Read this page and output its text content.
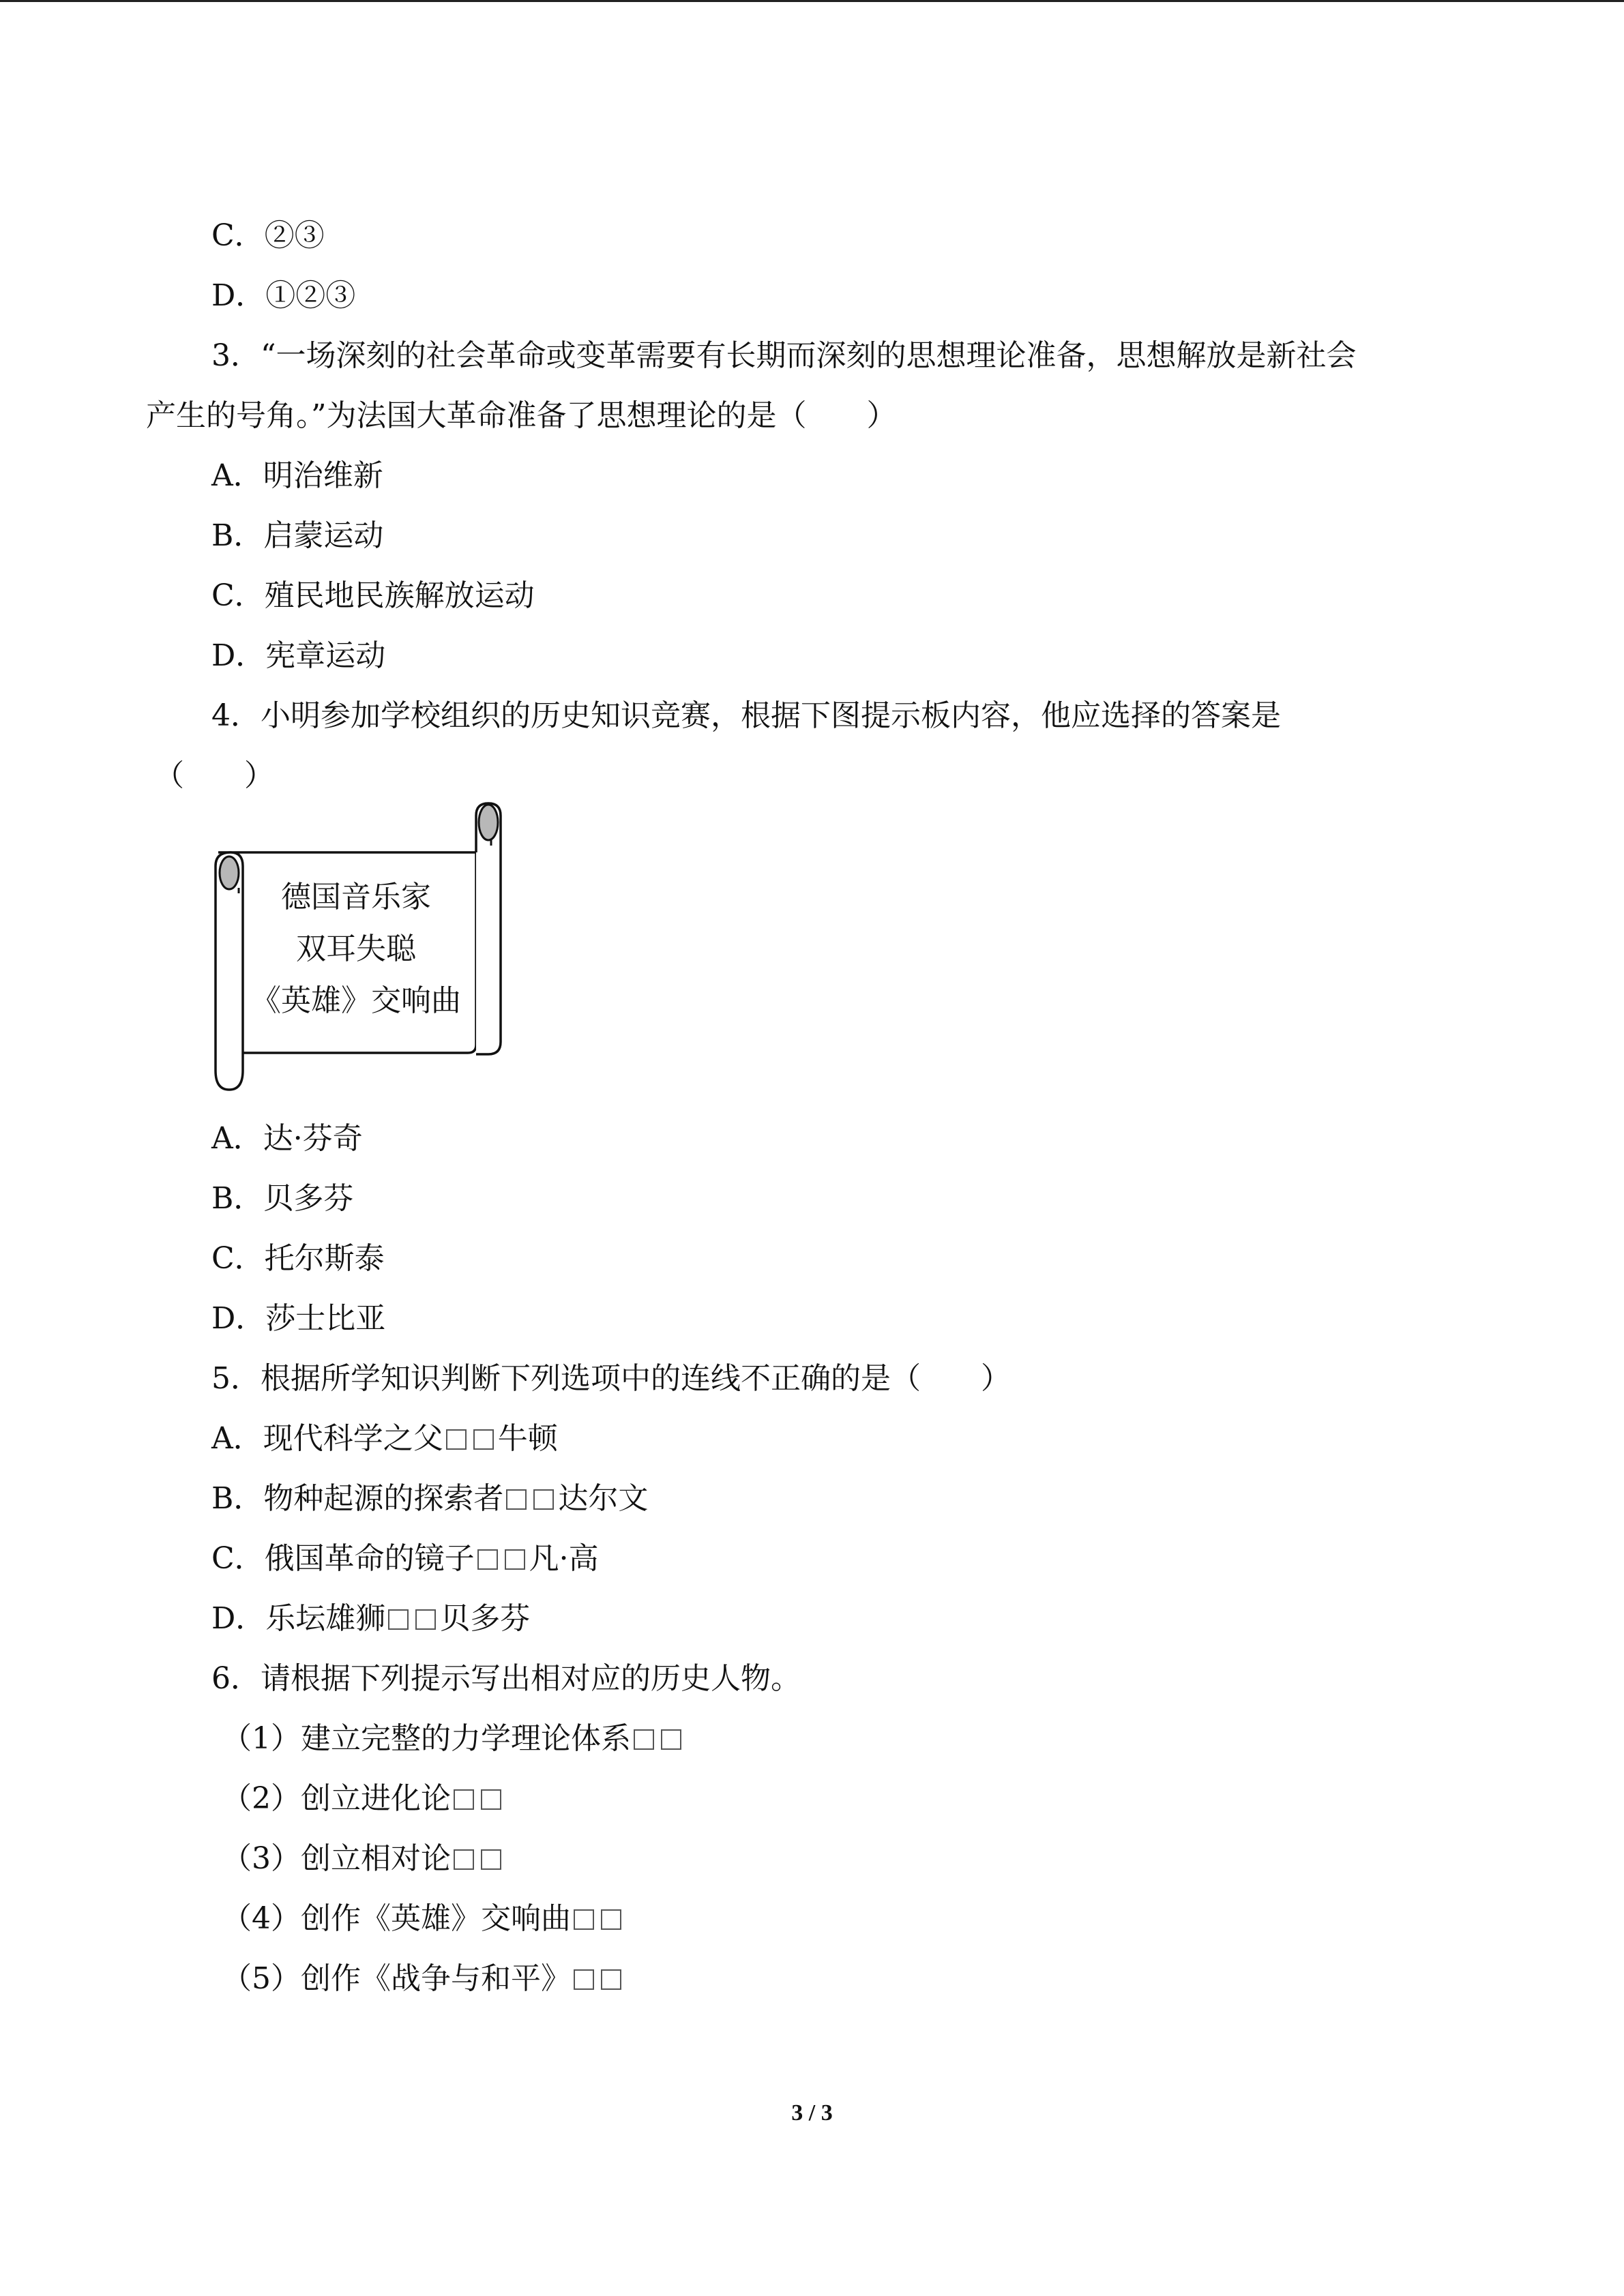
C．②③
D．①②③
3．“一场深刻的社会革命或变革需要有长期而深刻的思想理论准备，思想解放是新社会
产生的号角。”为法国大革命准备了思想理论的是（　　）
A．明治维新
B．启蒙运动
C．殖民地民族解放运动
D．宪章运动
4．小明参加学校组织的历史知识竞赛，根据下图提示板内容，他应选择的答案是
（　　）
德国音乐家
双耳失聪
《英雄》交响曲
A．达·芬奇
B．贝多芬
C．托尔斯泰
D．莎士比亚
5．根据所学知识判断下列选项中的连线不正确的是（　　）
A．现代科学之父 牛顿
B．物种起源的探索者 达尔文
C．俄国革命的镜子 凡·高
D．乐坛雄狮 贝多芬
6．请根据下列提示写出相对应的历史人物。
（1）建立完整的力学理论体系
（2）创立进化论
（3）创立相对论
（4）创作《英雄》交响曲
（5）创作《战争与和平》
3 / 3
